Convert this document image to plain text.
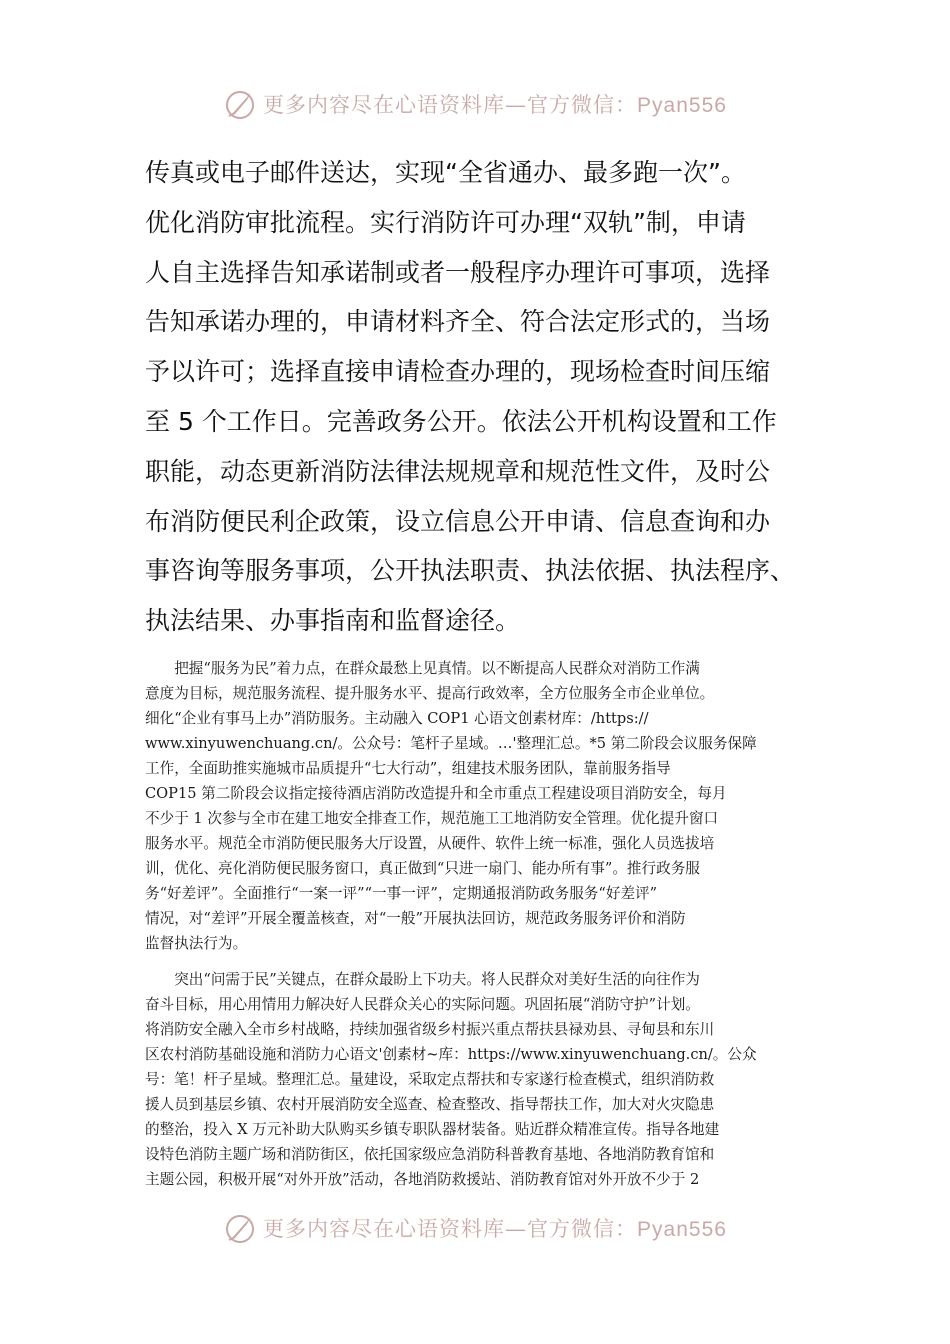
更多内容尽在心语资料库—官方微信：Pyan556
传真或电子邮件送达，实现“全省通办、最多跑一次”。
优化消防审批流程。实行消防许可办理“双轨”制，申请
人自主选择告知承诺制或者一般程序办理许可事项，选择
告知承诺办理的，申请材料齐全、符合法定形式的，当场
予以许可；选择直接申请检查办理的，现场检查时间压缩
至 5 个工作日。完善政务公开。依法公开机构设置和工作
职能，动态更新消防法律法规规章和规范性文件，及时公
布消防便民利企政策，设立信息公开申请、信息查询和办
事咨询等服务事项，公开执法职责、执法依据、执法程序、
执法结果、办事指南和监督途径。
　　把握“服务为民”着力点，在群众最愁上见真情。以不断提高人民群众对消防工作满
意度为目标，规范服务流程、提升服务水平、提高行政效率，全方位服务全市企业单位。
细化“企业有事马上办”消防服务。主动融入 COP1 心语文创素材库：/https://
www.xinyuwenchuang.cn/。公众号：笔杆子星域。…'整理汇总。*5 第二阶段会议服务保障
工作，全面助推实施城市品质提升“七大行动”，组建技术服务团队，靠前服务指导
COP15 第二阶段会议指定接待酒店消防改造提升和全市重点工程建设项目消防安全，每月
不少于 1 次参与全市在建工地安全排查工作，规范施工工地消防安全管理。优化提升窗口
服务水平。规范全市消防便民服务大厅设置，从硬件、软件上统一标准，强化人员选拔培
训，优化、亮化消防便民服务窗口，真正做到“只进一扇门、能办所有事”。推行政务服
务“好差评”。全面推行“一案一评”“一事一评”，定期通报消防政务服务“好差评”
情况，对“差评”开展全覆盖核查，对“一般”开展执法回访，规范政务服务评价和消防
监督执法行为。
　　突出“问需于民”关键点，在群众最盼上下功夫。将人民群众对美好生活的向往作为
奋斗目标，用心用情用力解决好人民群众关心的实际问题。巩固拓展“消防守护”计划。
将消防安全融入全市乡村战略，持续加强省级乡村振兴重点帮扶县禄劝县、寻甸县和东川
区农村消防基础设施和消防力心语文'创素材~库：https://www.xinyuwenchuang.cn/。公众
号：笔！杆子星域。整理汇总。量建设，采取定点帮扶和专家遂行检查模式，组织消防救
援人员到基层乡镇、农村开展消防安全巡查、检查整改、指导帮扶工作，加大对火灾隐患
的整治，投入 X 万元补助大队购买乡镇专职队器材装备。贴近群众精准宣传。指导各地建
设特色消防主题广场和消防街区，依托国家级应急消防科普教育基地、各地消防教育馆和
主题公园，积极开展“对外开放”活动，各地消防救援站、消防教育馆对外开放不少于 2
更多内容尽在心语资料库—官方微信：Pyan556
